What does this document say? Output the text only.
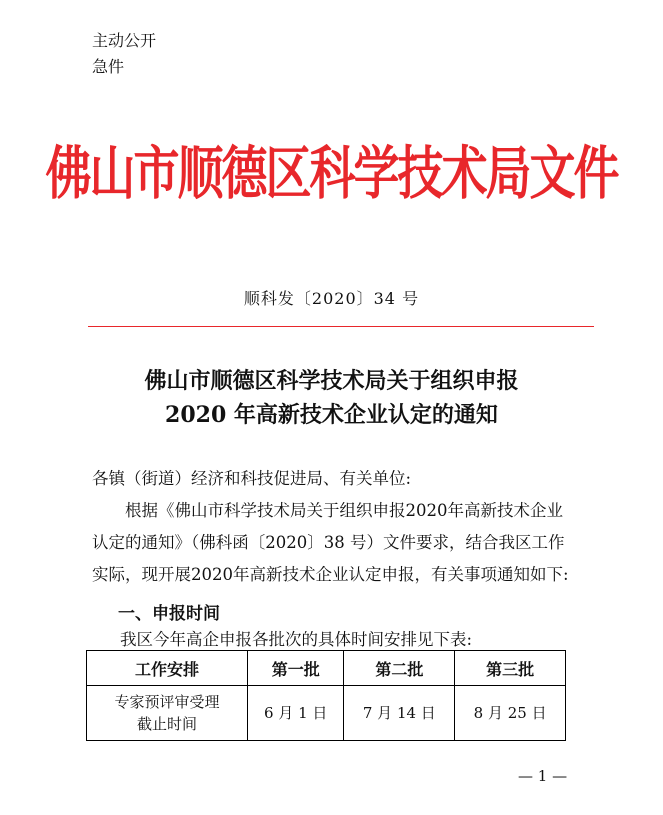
主动公开
急件
佛山市顺德区科学技术局文件
顺科发〔2020〕34 号
佛山市顺德区科学技术局关于组织申报
2020 年高新技术企业认定的通知
各镇（街道）经济和科技促进局、有关单位:
根据《佛山市科学技术局关于组织申报2020年高新技术企业
认定的通知》（佛科函〔2020〕38 号）文件要求，结合我区工作
实际，现开展2020年高新技术企业认定申报，有关事项通知如下:
一、申报时间
我区今年高企申报各批次的具体时间安排见下表:
工作安排	第一批	第二批	第三批

专家预评审受理
截止时间	6 月 1 日	7 月 14 日	8 月 25 日
— 1 —
